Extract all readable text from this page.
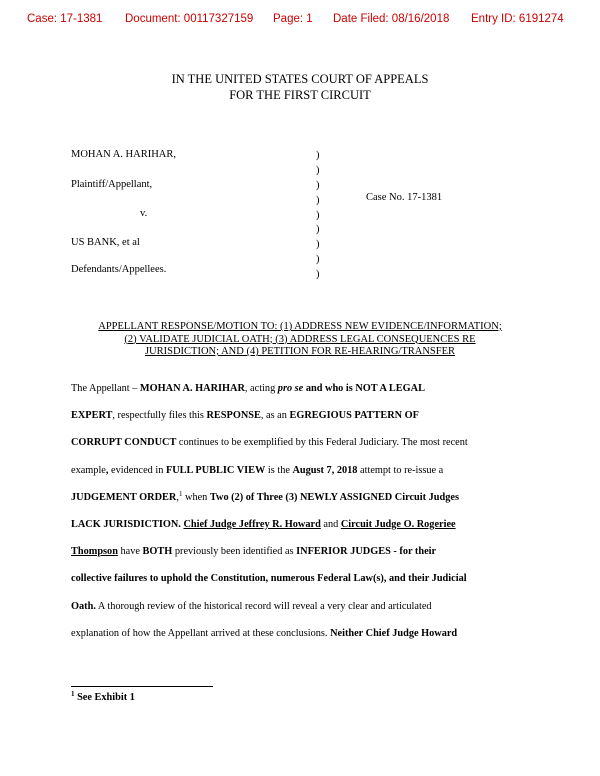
Case: 17-1381 Document: 00117327159 Page: 1 Date Filed: 08/16/2018 Entry ID: 6191274
IN THE UNITED STATES COURT OF APPEALS
FOR THE FIRST CIRCUIT
MOHAN A. HARIHAR,
Plaintiff/Appellant,
v.
US BANK, et al
Defendants/Appellees.
)
)
)
)
)
)
)
)
)
Case No. 17-1381
APPELLANT RESPONSE/MOTION TO: (1) ADDRESS NEW EVIDENCE/INFORMATION;
(2) VALIDATE JUDICIAL OATH; (3) ADDRESS LEGAL CONSEQUENCES RE
JURISDICTION; AND (4) PETITION FOR RE-HEARING/TRANSFER
The Appellant – MOHAN A. HARIHAR, acting pro se and who is NOT A LEGAL
EXPERT, respectfully files this RESPONSE, as an EGREGIOUS PATTERN OF
CORRUPT CONDUCT continues to be exemplified by this Federal Judiciary. The most recent
example, evidenced in FULL PUBLIC VIEW is the August 7, 2018 attempt to re-issue a
JUDGEMENT ORDER,$^1$ when Two (2) of Three (3) NEWLY ASSIGNED Circuit Judges
LACK JURISDICTION. Chief Judge Jeffrey R. Howard and Circuit Judge O. Rogeriee
Thompson have BOTH previously been identified as INFERIOR JUDGES - for their
collective failures to uphold the Constitution, numerous Federal Law(s), and their Judicial
Oath. A thorough review of the historical record will reveal a very clear and articulated
explanation of how the Appellant arrived at these conclusions. Neither Chief Judge Howard
$^1$ See Exhibit 1
